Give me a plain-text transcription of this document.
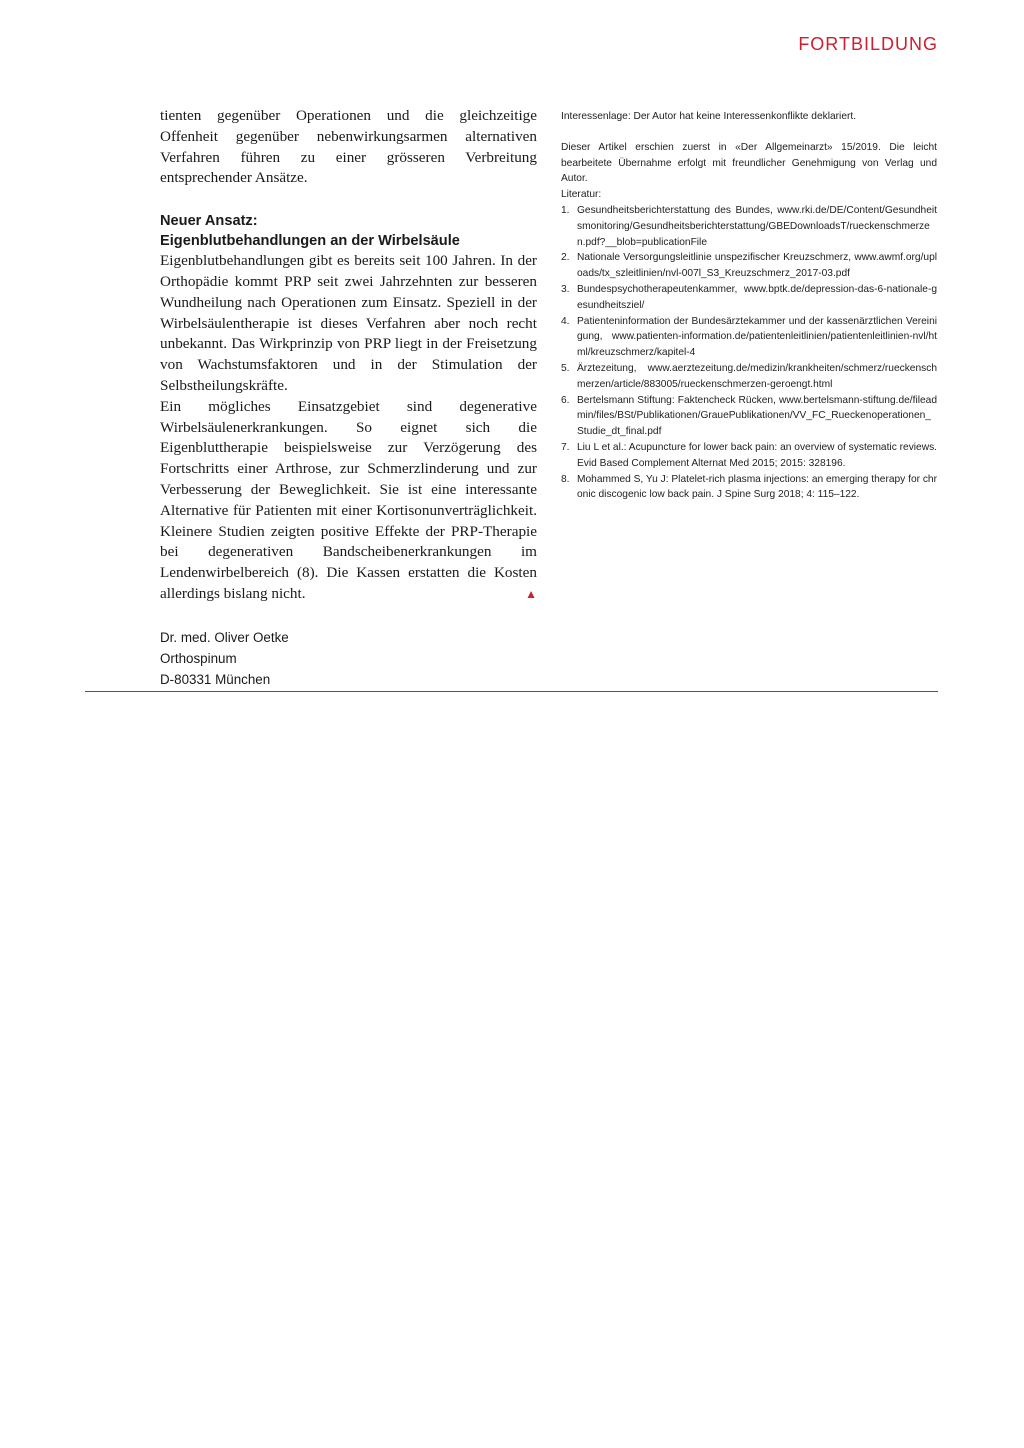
FORTBILDUNG

tienten gegenüber Operationen und die gleichzeitige Offenheit gegenüber nebenwirkungsarmen alternativen Verfahren führen zu einer grösseren Verbreitung entsprechender Ansätze.

Neuer Ansatz:
Eigenblutbehandlungen an der Wirbelsäule

Eigenblutbehandlungen gibt es bereits seit 100 Jahren. In der Orthopädie kommt PRP seit zwei Jahrzehnten zur besseren Wundheilung nach Operationen zum Einsatz. Speziell in der Wirbelsäulentherapie ist dieses Verfahren aber noch recht unbekannt. Das Wirkprinzip von PRP liegt in der Freisetzung von Wachstumsfaktoren und in der Stimulation der Selbstheilungskräfte.

Ein mögliches Einsatzgebiet sind degenerative Wirbelsäulenerkrankungen. So eignet sich die Eigenbluttherapie beispielsweise zur Verzögerung des Fortschritts einer Arthrose, zur Schmerzlinderung und zur Verbesserung der Beweglichkeit. Sie ist eine interessante Alternative für Patienten mit einer Kortisonunverträglichkeit. Kleinere Studien zeigten positive Effekte der PRP-Therapie bei degenerativen Bandscheibenerkrankungen im Lendenwirbelbereich (8). Die Kassen erstatten die Kosten allerdings bislang nicht.	▲

Dr. med. Oliver Oetke
Orthospinum
D-80331 München

Interessenlage: Der Autor hat keine Interessenkonflikte deklariert.

Dieser Artikel erschien zuerst in «Der Allgemeinarzt» 15/2019. Die leicht bearbeitete Übernahme erfolgt mit freundlicher Genehmigung von Verlag und Autor.

Literatur:

1. Gesundheitsberichterstattung des Bundes, www.rki.de/DE/Content/Gesundheitsmonitoring/Gesundheitsberichterstattung/GBEDownloadsT/rueckenschmerzen.pdf?__blob=publicationFile
2. Nationale Versorgungsleitlinie unspezifischer Kreuzschmerz, www.awmf.org/uploads/tx_szleitlinien/nvl-007l_S3_Kreuzschmerz_2017-03.pdf
3. Bundespsychotherapeutenkammer, www.bptk.de/depression-das-6-nationale-gesundheitsziel/
4. Patienteninformation der Bundesärztekammer und der kassenärztlichen Vereinigung, www.patienten-information.de/patientenleitlinien/patientenleitlinien-nvl/html/kreuzschmerz/kapitel-4
5. Ärztezeitung, www.aerztezeitung.de/medizin/krankheiten/schmerz/rueckenschmerzen/article/883005/rueckenschmerzen-geroengt.html
6. Bertelsmann Stiftung: Faktencheck Rücken, www.bertelsmann-stiftung.de/fileadmin/files/BSt/Publikationen/GrauePublikationen/VV_FC_Rueckenoperationen_Studie_dt_final.pdf
7. Liu L et al.: Acupuncture for lower back pain: an overview of systematic reviews. Evid Based Complement Alternat Med 2015; 2015: 328196.
8. Mohammed S, Yu J: Platelet-rich plasma injections: an emerging therapy for chronic discogenic low back pain. J Spine Surg 2018; 4: 115–122.
